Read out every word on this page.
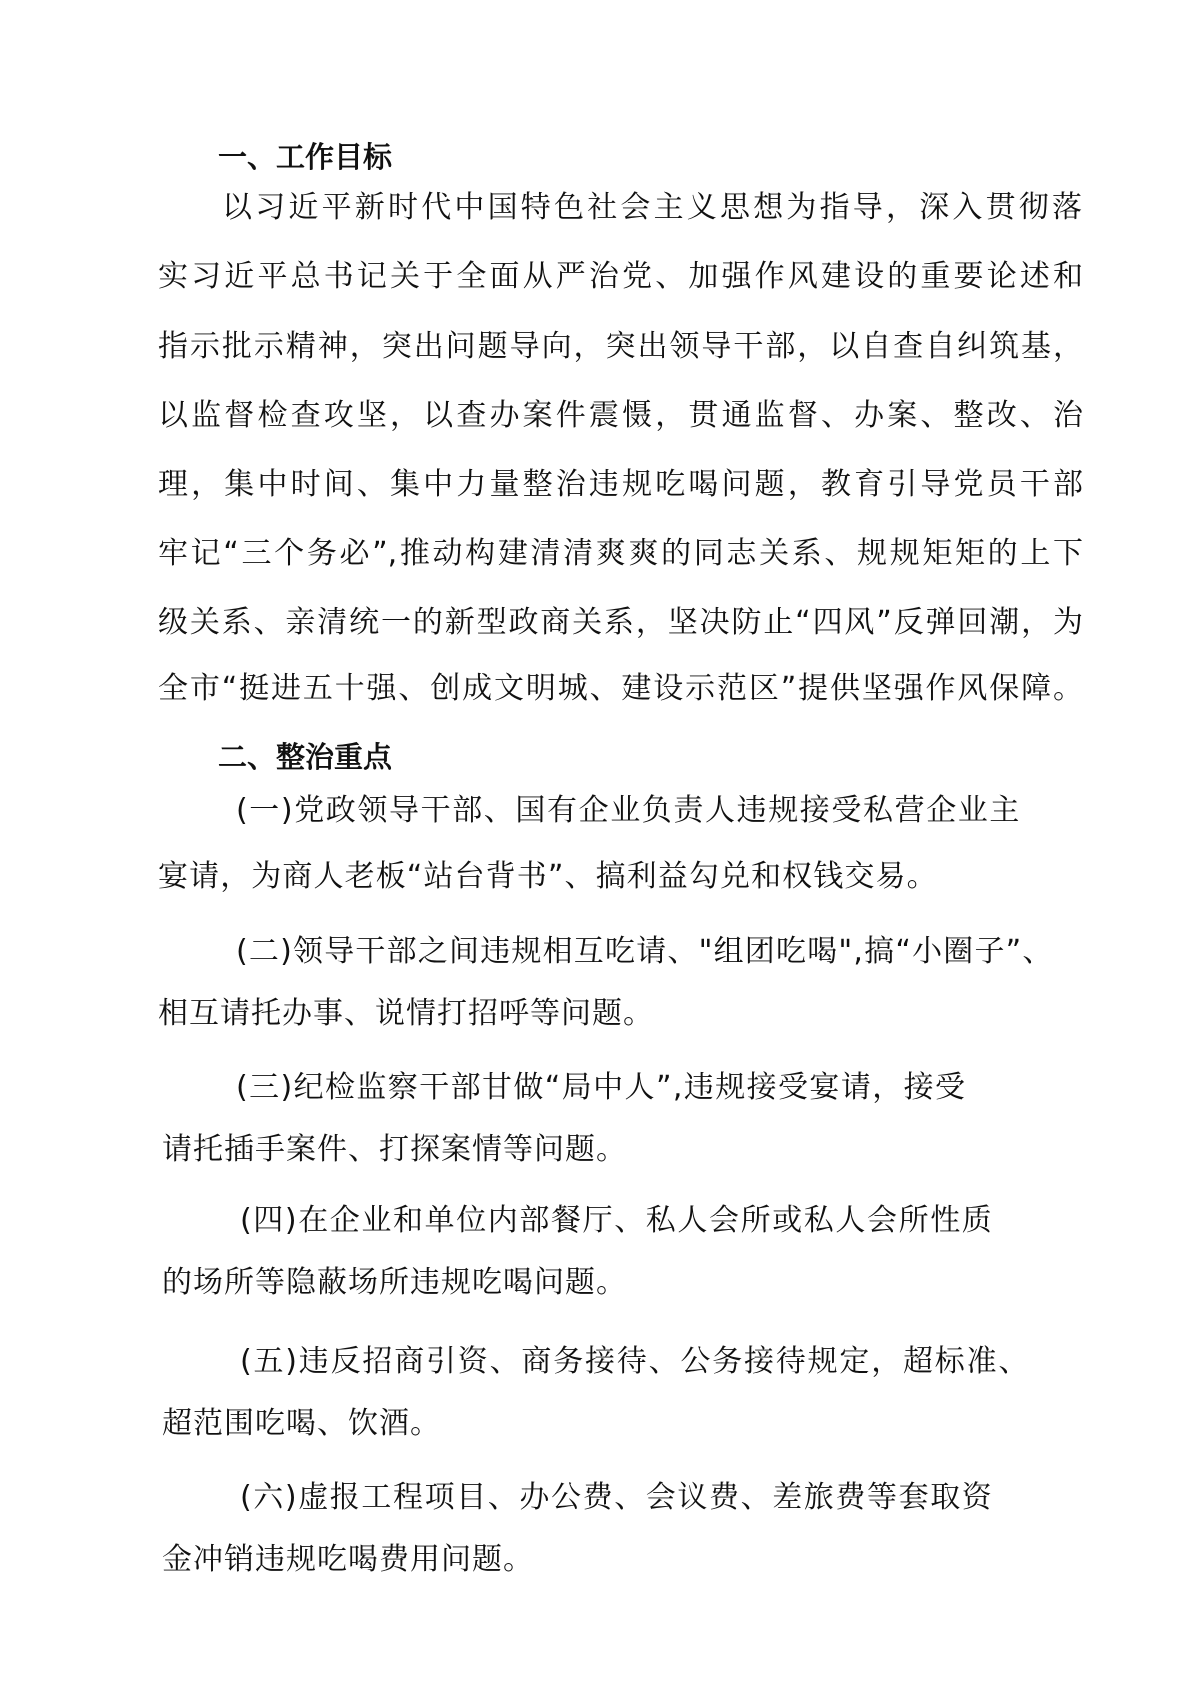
一、工作目标
以习近平新时代中国特色社会主义思想为指导，深入贯彻落
实习近平总书记关于全面从严治党、加强作风建设的重要论述和
指示批示精神，突出问题导向，突出领导干部，以自查自纠筑基，
以监督检查攻坚，以查办案件震慑，贯通监督、办案、整改、治
理，集中时间、集中力量整治违规吃喝问题，教育引导党员干部
牢记“三个务必”,推动构建清清爽爽的同志关系、规规矩矩的上下
级关系、亲清统一的新型政商关系，坚决防止“四风”反弹回潮，为
全市“挺进五十强、创成文明城、建设示范区”提供坚强作风保障。
二、整治重点
(一)党政领导干部、国有企业负责人违规接受私营企业主
宴请，为商人老板“站台背书”、搞利益勾兑和权钱交易。
(二)领导干部之间违规相互吃请、"组团吃喝",搞“小圈子”、
相互请托办事、说情打招呼等问题。
(三)纪检监察干部甘做“局中人”,违规接受宴请，接受
请托插手案件、打探案情等问题。
(四)在企业和单位内部餐厅、私人会所或私人会所性质
的场所等隐蔽场所违规吃喝问题。
(五)违反招商引资、商务接待、公务接待规定，超标准、
超范围吃喝、饮酒。
(六)虚报工程项目、办公费、会议费、差旅费等套取资
金冲销违规吃喝费用问题。
